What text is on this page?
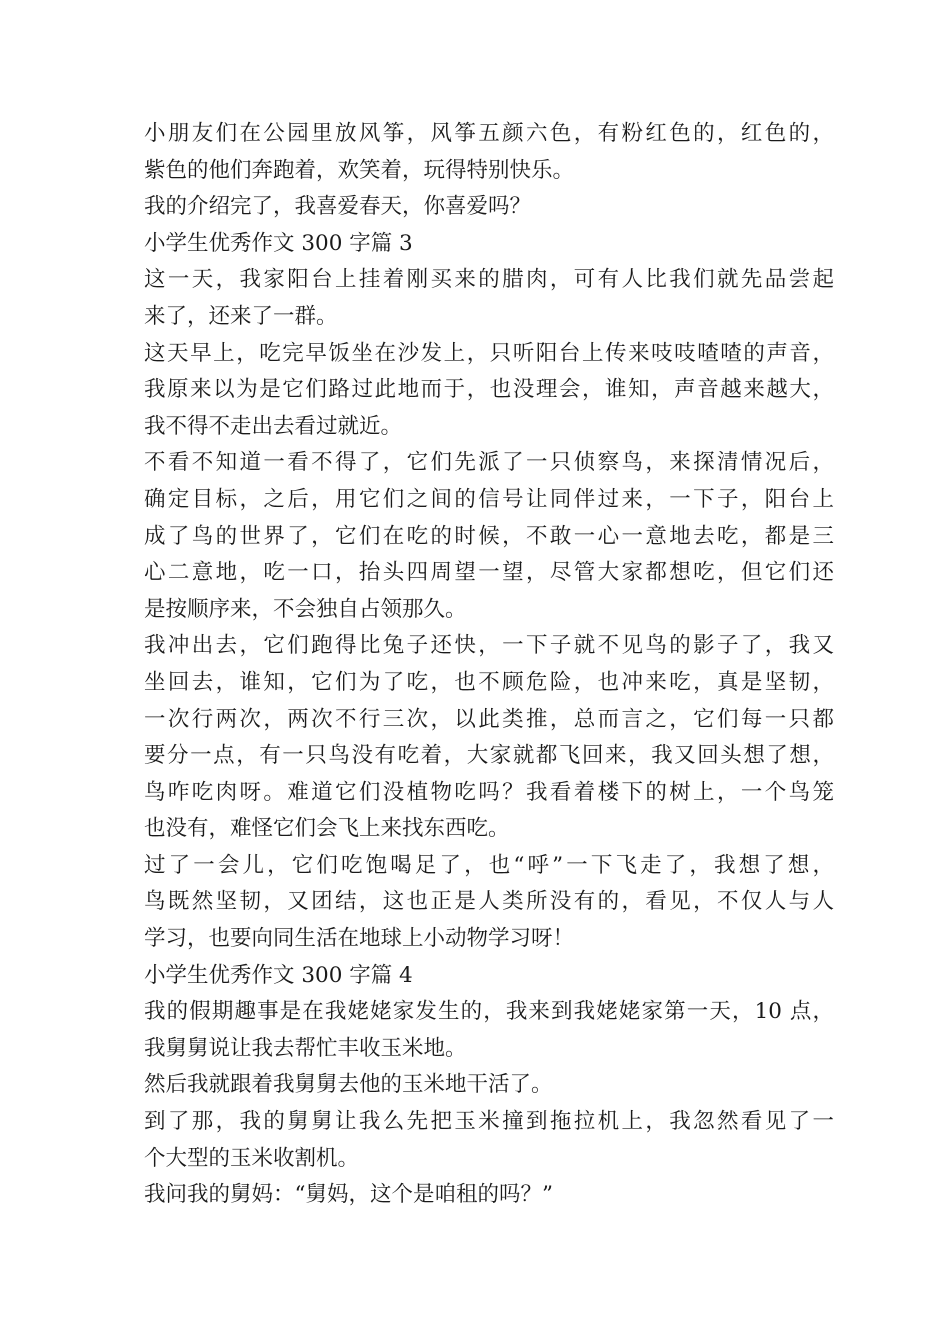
小朋友们在公园里放风筝，风筝五颜六色，有粉红色的，红色的，
紫色的他们奔跑着，欢笑着，玩得特别快乐。
我的介绍完了，我喜爱春天，你喜爱吗？
小学生优秀作文 300 字篇 3
这一天，我家阳台上挂着刚买来的腊肉，可有人比我们就先品尝起
来了，还来了一群。
这天早上，吃完早饭坐在沙发上，只听阳台上传来吱吱喳喳的声音，
我原来以为是它们路过此地而于，也没理会，谁知，声音越来越大，
我不得不走出去看过就近。
不看不知道一看不得了，它们先派了一只侦察鸟，来探清情况后，
确定目标，之后，用它们之间的信号让同伴过来，一下子，阳台上
成了鸟的世界了，它们在吃的时候，不敢一心一意地去吃，都是三
心二意地，吃一口，抬头四周望一望，尽管大家都想吃，但它们还
是按顺序来，不会独自占领那久。
我冲出去，它们跑得比兔子还快，一下子就不见鸟的影子了，我又
坐回去，谁知，它们为了吃，也不顾危险，也冲来吃，真是坚韧，
一次行两次，两次不行三次，以此类推，总而言之，它们每一只都
要分一点，有一只鸟没有吃着，大家就都飞回来，我又回头想了想，
鸟咋吃肉呀。难道它们没植物吃吗？我看着楼下的树上，一个鸟笼
也没有，难怪它们会飞上来找东西吃。
过了一会儿，它们吃饱喝足了，也“呼”一下飞走了，我想了想，
鸟既然坚韧，又团结，这也正是人类所没有的，看见，不仅人与人
学习，也要向同生活在地球上小动物学习呀！
小学生优秀作文 300 字篇 4
我的假期趣事是在我姥姥家发生的，我来到我姥姥家第一天，10 点，
我舅舅说让我去帮忙丰收玉米地。
然后我就跟着我舅舅去他的玉米地干活了。
到了那，我的舅舅让我么先把玉米撞到拖拉机上，我忽然看见了一
个大型的玉米收割机。
我问我的舅妈：“舅妈，这个是咱租的吗？”
